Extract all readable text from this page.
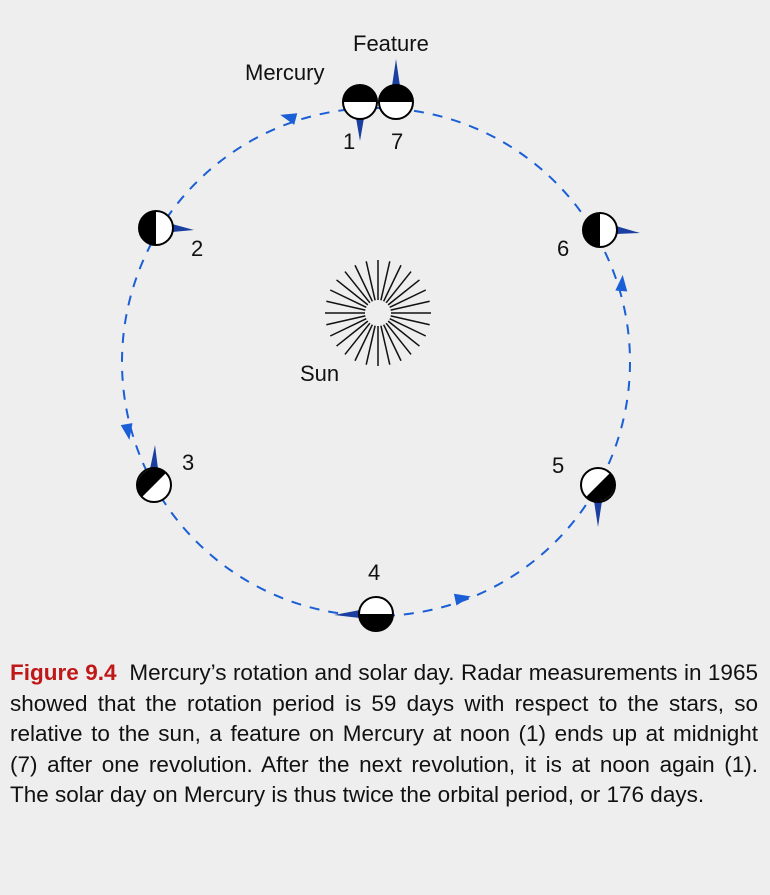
Sun
Feature
Mercury
1 7
2
3
4
5
6
Figure 9.4 Mercury’s rotation and solar day. Radar measurements in 1965 showed that the rotation period is 59 days with respect to the stars, so relative to the sun, a feature on Mercury at noon (1) ends up at midnight (7) after one revolution. After the next revolution, it is at noon again (1). The solar day on Mercury is thus twice the orbital period, or 176 days.
